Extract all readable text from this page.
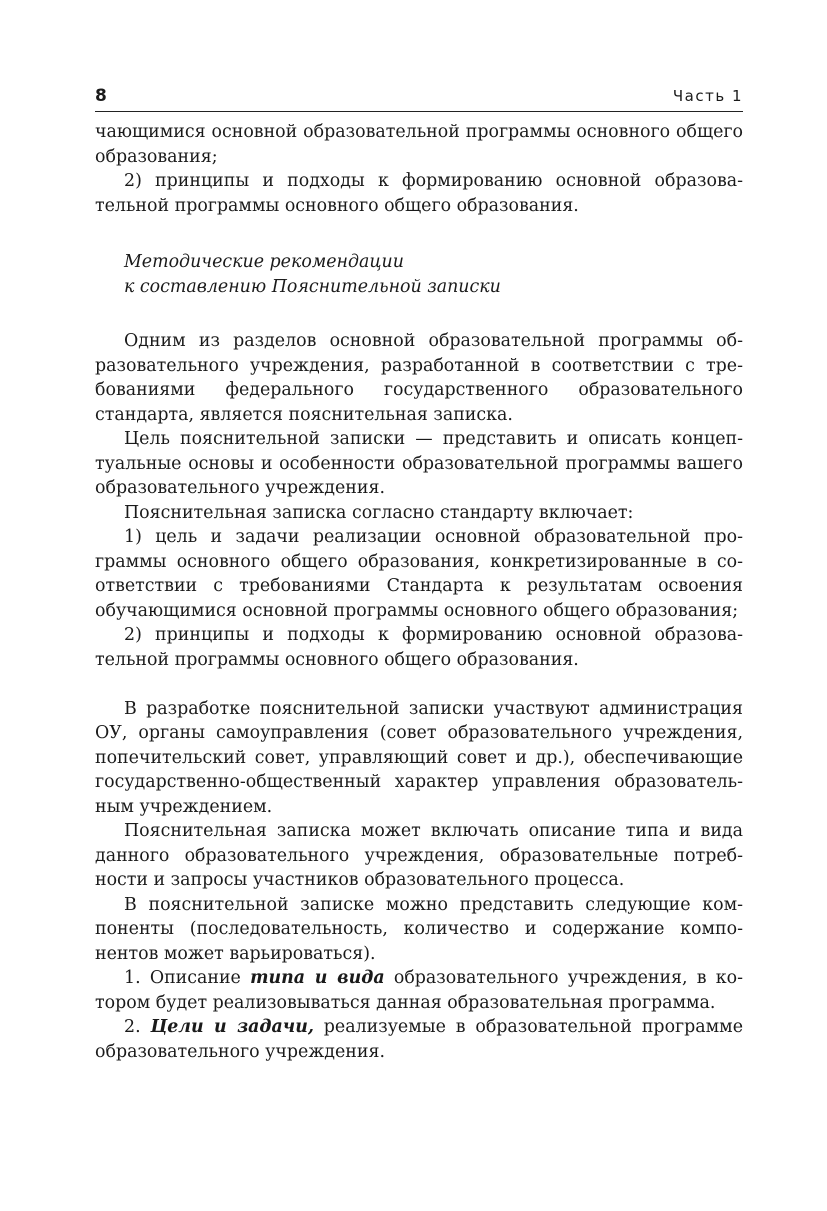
8	Часть 1

чающимися основной образовательной программы основного общего образования;

2) принципы и подходы к формированию основной образовательной программы основного общего образования.

Методические рекомендации
к составлению Пояснительной записки

Одним из разделов основной образовательной программы образовательного учреждения, разработанной в соответствии с требованиями федерального государственного образовательного стандарта, является пояснительная записка.

Цель пояснительной записки — представить и описать концептуальные основы и особенности образовательной программы вашего образовательного учреждения.

Пояснительная записка согласно стандарту включает:

1) цель и задачи реализации основной образовательной программы основного общего образования, конкретизированные в соответствии с требованиями Стандарта к результатам освоения обучающимися основной программы основного общего образования;

2) принципы и подходы к формированию основной образовательной программы основного общего образования.

В разработке пояснительной записки участвуют администрация ОУ, органы самоуправления (совет образовательного учреждения, попечительский совет, управляющий совет и др.), обеспечивающие государственно-общественный характер управления образовательным учреждением.

Пояснительная записка может включать описание типа и вида данного образовательного учреждения, образовательные потребности и запросы участников образовательного процесса.

В пояснительной записке можно представить следующие компоненты (последовательность, количество и содержание компонентов может варьироваться).

1. Описание типа и вида образовательного учреждения, в котором будет реализовываться данная образовательная программа.

2. Цели и задачи, реализуемые в образовательной программе образовательного учреждения.
